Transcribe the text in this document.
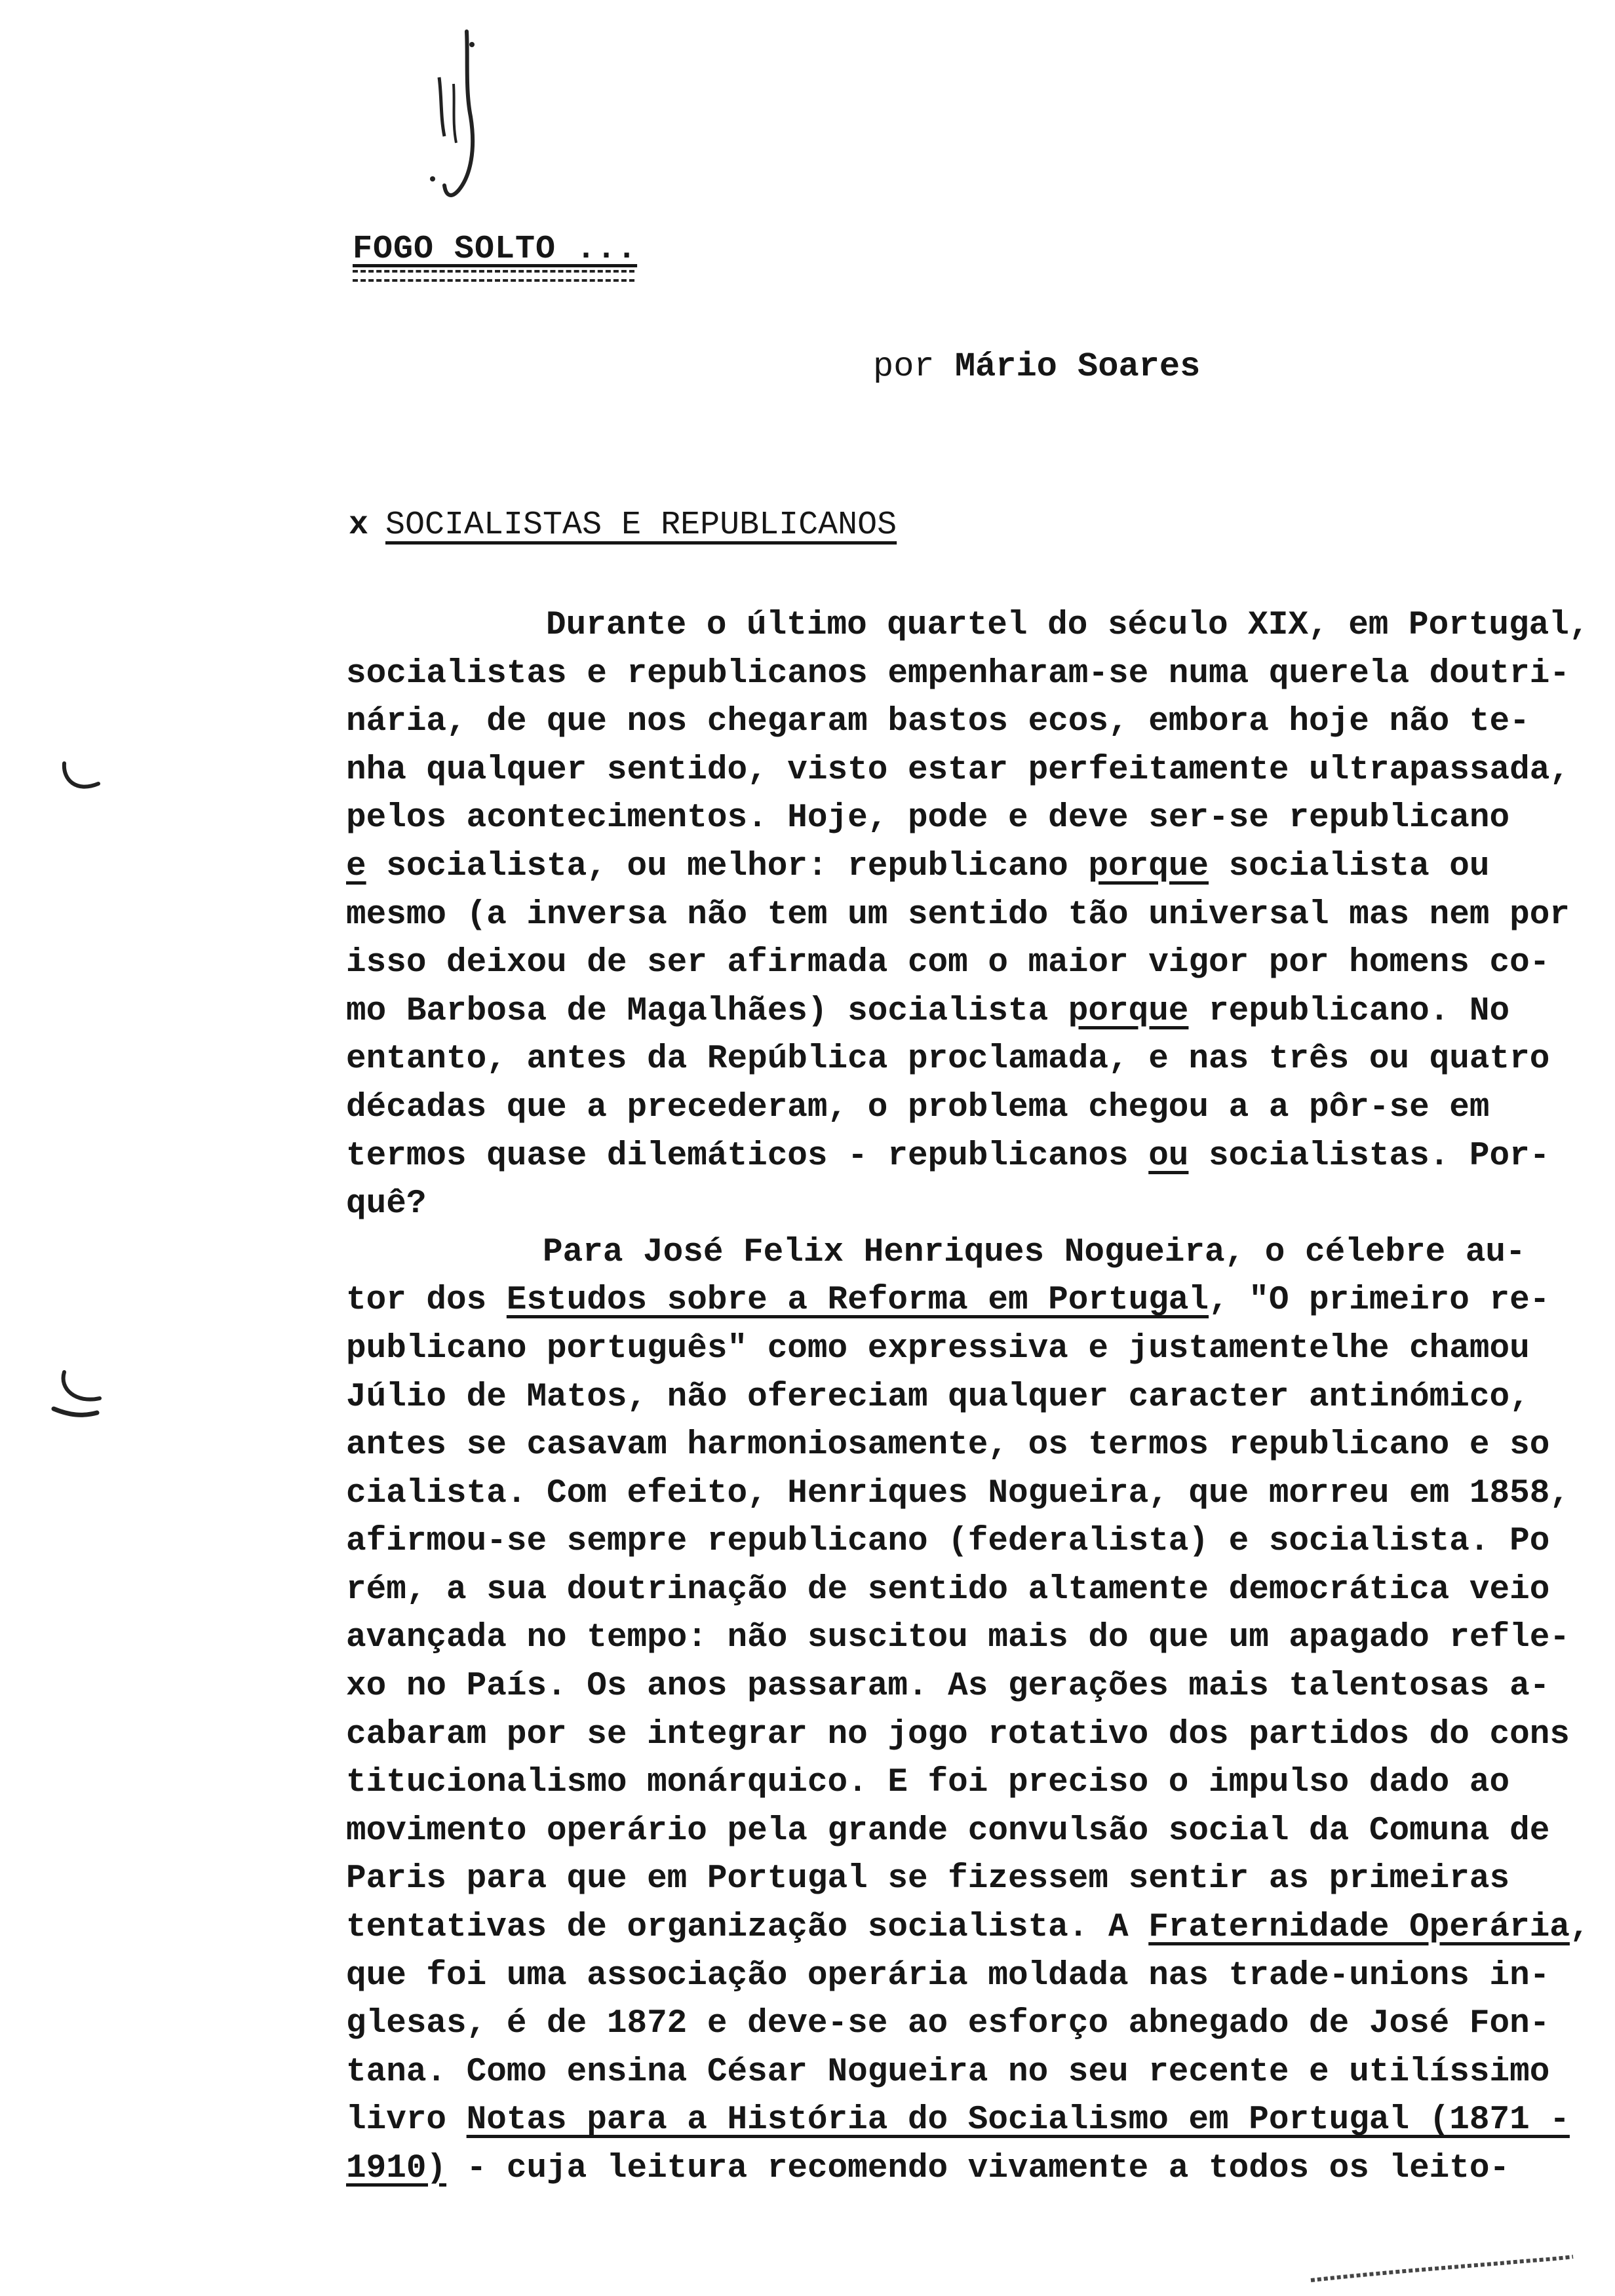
FOGO SOLTO ...
por Mário Soares
x SOCIALISTAS E REPUBLICANOS
Durante o último quartel do século XIX, em Portugal,
socialistas e republicanos empenharam-se numa querela doutri-
nária, de que nos chegaram bastos ecos, embora hoje não te-
nha qualquer sentido, visto estar perfeitamente ultrapassada,
pelos acontecimentos. Hoje, pode e deve ser-se republicano
e socialista, ou melhor: republicano porque socialista ou
mesmo (a inversa não tem um sentido tão universal mas nem por
isso deixou de ser afirmada com o maior vigor por homens co-
mo Barbosa de Magalhães) socialista porque republicano. No
entanto, antes da República proclamada, e nas três ou quatro
décadas que a precederam, o problema chegou a a pôr-se em
termos quase dilemáticos - republicanos ou socialistas. Por-
quê?
Para José Felix Henriques Nogueira, o célebre au-
tor dos Estudos sobre a Reforma em Portugal, "O primeiro re-
publicano português" como expressiva e justamentelhe chamou
Júlio de Matos, não ofereciam qualquer caracter antinómico,
antes se casavam harmoniosamente, os termos republicano e so
cialista. Com efeito, Henriques Nogueira, que morreu em 1858,
afirmou-se sempre republicano (federalista) e socialista. Po
rém, a sua doutrinação de sentido altamente democrática veio
avançada no tempo: não suscitou mais do que um apagado refle-
xo no País. Os anos passaram. As gerações mais talentosas a-
cabaram por se integrar no jogo rotativo dos partidos do cons
titucionalismo monárquico. E foi preciso o impulso dado ao
movimento operário pela grande convulsão social da Comuna de
Paris para que em Portugal se fizessem sentir as primeiras
tentativas de organização socialista. A Fraternidade Operária,
que foi uma associação operária moldada nas trade-unions in-
glesas, é de 1872 e deve-se ao esforço abnegado de José Fon-
tana. Como ensina César Nogueira no seu recente e utilíssimo
livro Notas para a História do Socialismo em Portugal (1871 -
1910) - cuja leitura recomendo vivamente a todos os leito-
